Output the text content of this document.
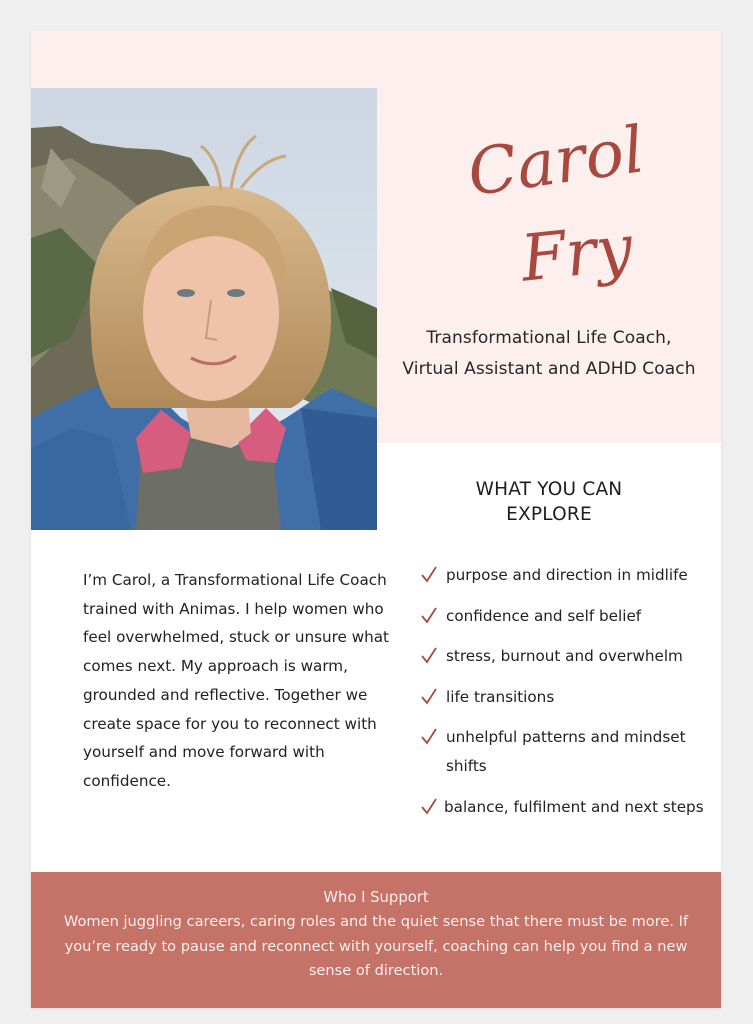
Carol
Fry
Transformational Life Coach,
Virtual Assistant and ADHD Coach
WHAT YOU CAN
EXPLORE

I’m Carol, a Transformational Life Coach trained with Animas. I help women who feel overwhelmed, stuck or unsure what comes next. My approach is warm, grounded and reflective. Together we create space for you to reconnect with yourself and move forward with confidence.

purpose and direction in midlife
confidence and self belief
stress, burnout and overwhelm
life transitions
unhelpful patterns and mindset shifts
balance, fulfilment and next steps
Who I Support
Women juggling careers, caring roles and the quiet sense that there must be more. If you’re ready to pause and reconnect with yourself, coaching can help you find a new sense of direction.
